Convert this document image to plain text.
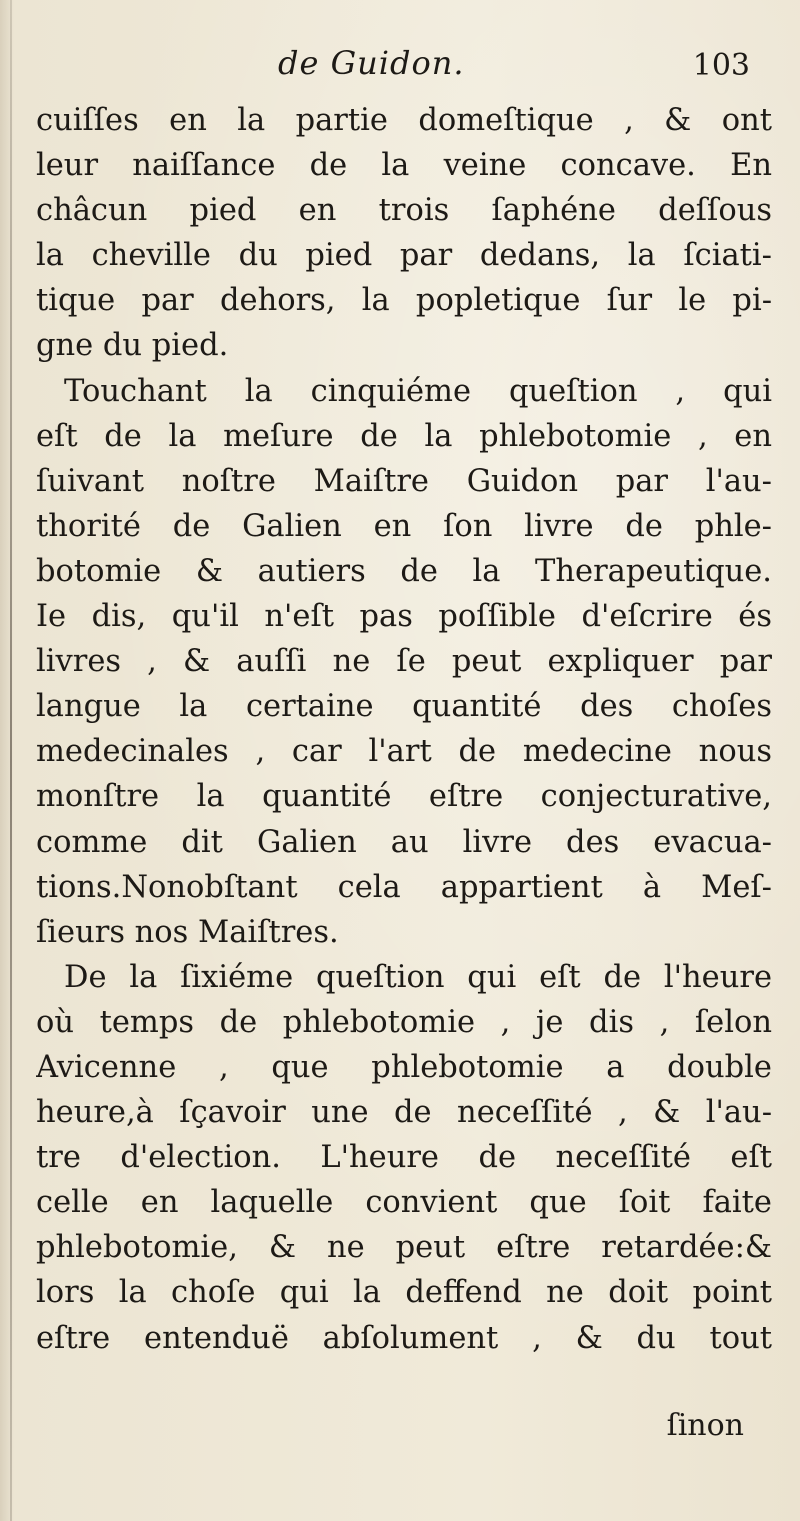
de Guidon.	103
cuiſſes en la partie domeſtique , & ont
leur naiſſance de la veine concave. En
châcun pied en trois ſaphéne deſſous
la cheville du pied par dedans, la ſciati-
tique par dehors, la popletique ſur le pi-
gne du pied.
Touchant la cinquiéme queſtion , qui
eſt de la meſure de la phlebotomie , en
ſuivant noſtre Maiſtre Guidon par l'au-
thorité de Galien en ſon livre de phle-
botomie & autiers de la Therapeutique.
Ie dis, qu'il n'eſt pas poſſible d'eſcrire és
livres , & auſſi ne ſe peut expliquer par
langue la certaine quantité des choſes
medecinales , car l'art de medecine nous
monſtre la quantité eſtre conjecturative,
comme dit Galien au livre des evacua-
tions.Nonobſtant cela appartient à Meſ-
ſieurs nos Maiſtres.
De la ſixiéme queſtion qui eſt de l'heure
où temps de phlebotomie , je dis , ſelon
Avicenne , que phlebotomie a double
heure,à ſçavoir une de neceſſité , & l'au-
tre d'election. L'heure de neceſſité eſt
celle en laquelle convient que ſoit faite
phlebotomie, & ne peut eſtre retardée:&
lors la choſe qui la deffend ne doit point
eſtre entenduë abſolument , & du tout
ſinon
